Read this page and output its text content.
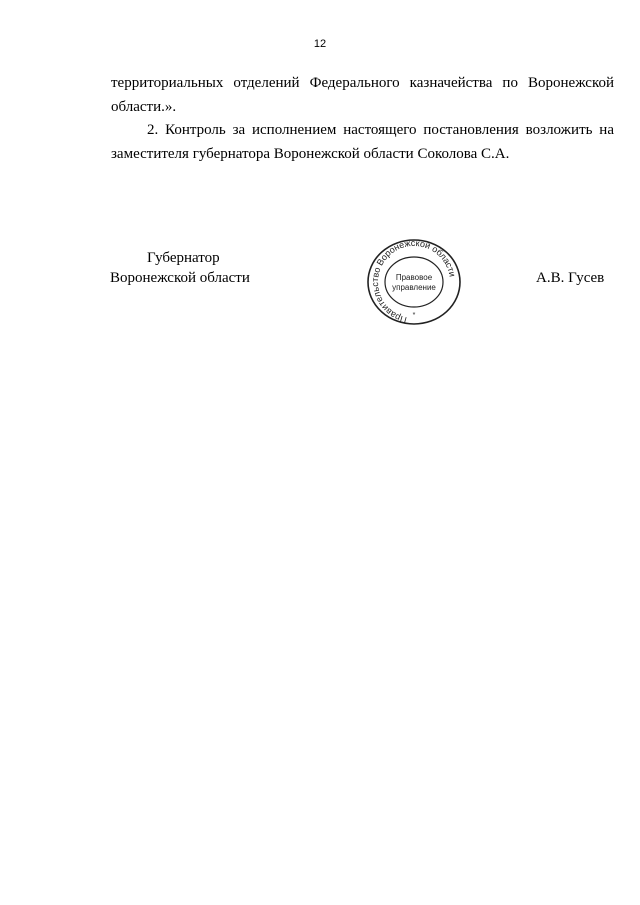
12
территориальных отделений Федерального казначейства по Воронежской
области.».
2. Контроль за исполнением настоящего постановления возложить на
заместителя губернатора Воронежской области Соколова С.А.
Губернатор
Воронежской области	А.В. Гусев
Правительство Воронежской области
Правовое
управление
*
